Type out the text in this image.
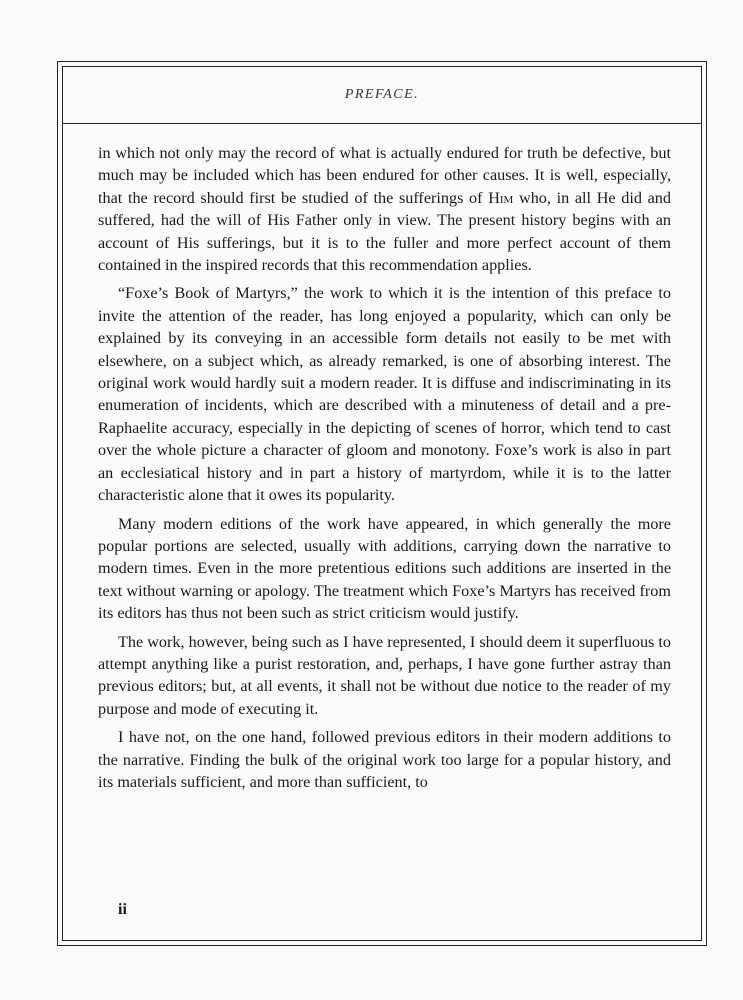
PREFACE.

in which not only may the record of what is actually endured for truth be defective, but much may be included which has been endured for other causes. It is well, especially, that the record should first be studied of the sufferings of Him who, in all He did and suffered, had the will of His Father only in view. The present history begins with an account of His sufferings, but it is to the fuller and more perfect account of them contained in the inspired records that this recommendation applies.

“Foxe’s Book of Martyrs,” the work to which it is the intention of this preface to invite the attention of the reader, has long enjoyed a popularity, which can only be explained by its conveying in an accessible form details not easily to be met with elsewhere, on a subject which, as already remarked, is one of absorbing interest. The original work would hardly suit a modern reader. It is diffuse and indiscriminating in its enumeration of incidents, which are described with a minuteness of detail and a pre-Raphaelite accuracy, especially in the depicting of scenes of horror, which tend to cast over the whole picture a character of gloom and monotony. Foxe’s work is also in part an ecclesiatical history and in part a history of martyrdom, while it is to the latter characteristic alone that it owes its popularity.

Many modern editions of the work have appeared, in which generally the more popular portions are selected, usually with additions, carrying down the narrative to modern times. Even in the more pretentious editions such additions are inserted in the text without warning or apology. The treatment which Foxe’s Martyrs has received from its editors has thus not been such as strict criticism would justify.

The work, however, being such as I have represented, I should deem it superfluous to attempt anything like a purist restoration, and, perhaps, I have gone further astray than previous editors; but, at all events, it shall not be without due notice to the reader of my purpose and mode of executing it.

I have not, on the one hand, followed previous editors in their modern additions to the narrative. Finding the bulk of the original work too large for a popular history, and its materials sufficient, and more than sufficient, to

ii
